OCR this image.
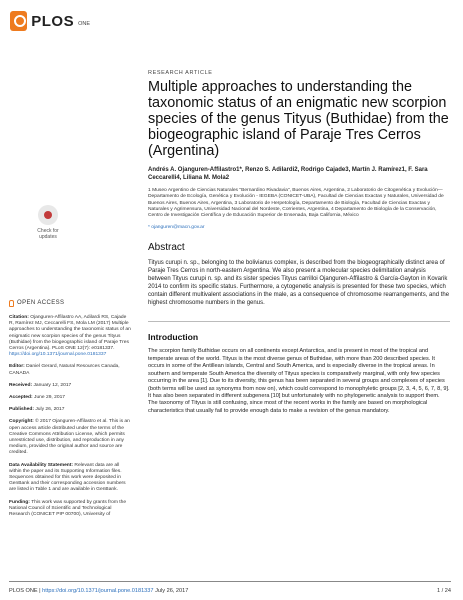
PLOS ONE
Check for updates
OPEN ACCESS

Citation: Ojanguren-Affilastro AA, Adilardi RS, Cajade R, Ramírez MJ, Ceccarelli FS, Mola LM (2017) Multiple approaches to understanding the taxonomic status of an enigmatic new scorpion species of the genus Tityus (Buthidae) from the biogeographic island of Paraje Tres Cerros (Argentina). PLoS ONE 12(7): e0181337. https://doi.org/10.1371/journal.pone.0181337

Editor: Daniel Gerard, Natural Resources Canada, CANADA

Received: January 12, 2017

Accepted: June 29, 2017

Published: July 26, 2017

Copyright: © 2017 Ojanguren-Affilastro et al. This is an open access article distributed under the terms of the Creative Commons Attribution License, which permits unrestricted use, distribution, and reproduction in any medium, provided the original author and source are credited.

Data Availability Statement: Relevant data are all within the paper and its Supporting Information files. Sequences obtained for this work were deposited in GenBank and their corresponding accession numbers are listed in Table 1 and are available in GenBank.

Funding: This work was supported by grants from the National Council of Scientific and Technological Research (CONICET PIP 00700), University of

RESEARCH ARTICLE
Multiple approaches to understanding the taxonomic status of an enigmatic new scorpion species of the genus Tityus (Buthidae) from the biogeographic island of Paraje Tres Cerros (Argentina)
Andrés A. Ojanguren-Affilastro1*, Renzo S. Adilardi2, Rodrigo Cajade3, Martín J. Ramírez1, F. Sara Ceccarelli4, Liliana M. Mola2
1 Museo Argentino de Ciencias Naturales "Bernardino Rivadavia", Buenos Aires, Argentina, 2 Laboratorio de Citogenética y Evolución—Departamento de Ecología, Genética y Evolución - IEGEBA (CONICET-UBA), Facultad de Ciencias Exactas y Naturales, Universidad de Buenos Aires, Buenos Aires, Argentina, 3 Laboratorio de Herpetología, Departamento de Biología, Facultad de Ciencias Exactas y Naturales y Agrimensura, Universidad Nacional del Nordeste, Corrientes, Argentina, 4 Departamento de Biología de la Conservación, Centro de Investigación Científica y de Educación Superior de Ensenada, Baja California, México
* ojanguren@macn.gov.ar
Abstract

Tityus curupi n. sp., belonging to the bolivianus complex, is described from the biogeographically distinct area of Paraje Tres Cerros in north-eastern Argentina. We also present a molecular species delimitation analysis between Tityus curupi n. sp. and its sister species Tityus carrilloi Ojanguren-Affilastro & García-Gayton in Kovarik 2014 to confirm its specific status. Furthermore, a cytogenetic analysis is presented for these two species, which contain different multivalent associations in the male, as a consequence of chromosome rearrangements, and the highest chromosome numbers in the genus.

Introduction

The scorpion family Buthidae occurs on all continents except Antarctica, and is present in most of the tropical and temperate areas of the world. Tityus is the most diverse genus of Buthidae, with more than 200 described species. It occurs in some of the Antillean islands, Central and South America, and is especially diverse in the tropical areas. In southern and temperate South America the diversity of Tityus species is comparatively marginal, with only few species occurring in the area [1]. Due to its diversity, this genus has been separated in several groups and complexes of species (both terms will be used as synonyms from now on), which could correspond to monophyletic groups [2, 3, 4, 5, 6, 7, 8, 9]. It has also been separated in different subgenera [10] but unfortunately with no phylogenetic analysis to support them. The taxonomy of Tityus is still confusing, since most of the recent works in the family are based on morphological characteristics that usually fail to provide enough data to make a revision of the genus mandatory.

PLOS ONE | https://doi.org/10.1371/journal.pone.0181337 July 26, 2017	1 / 24
